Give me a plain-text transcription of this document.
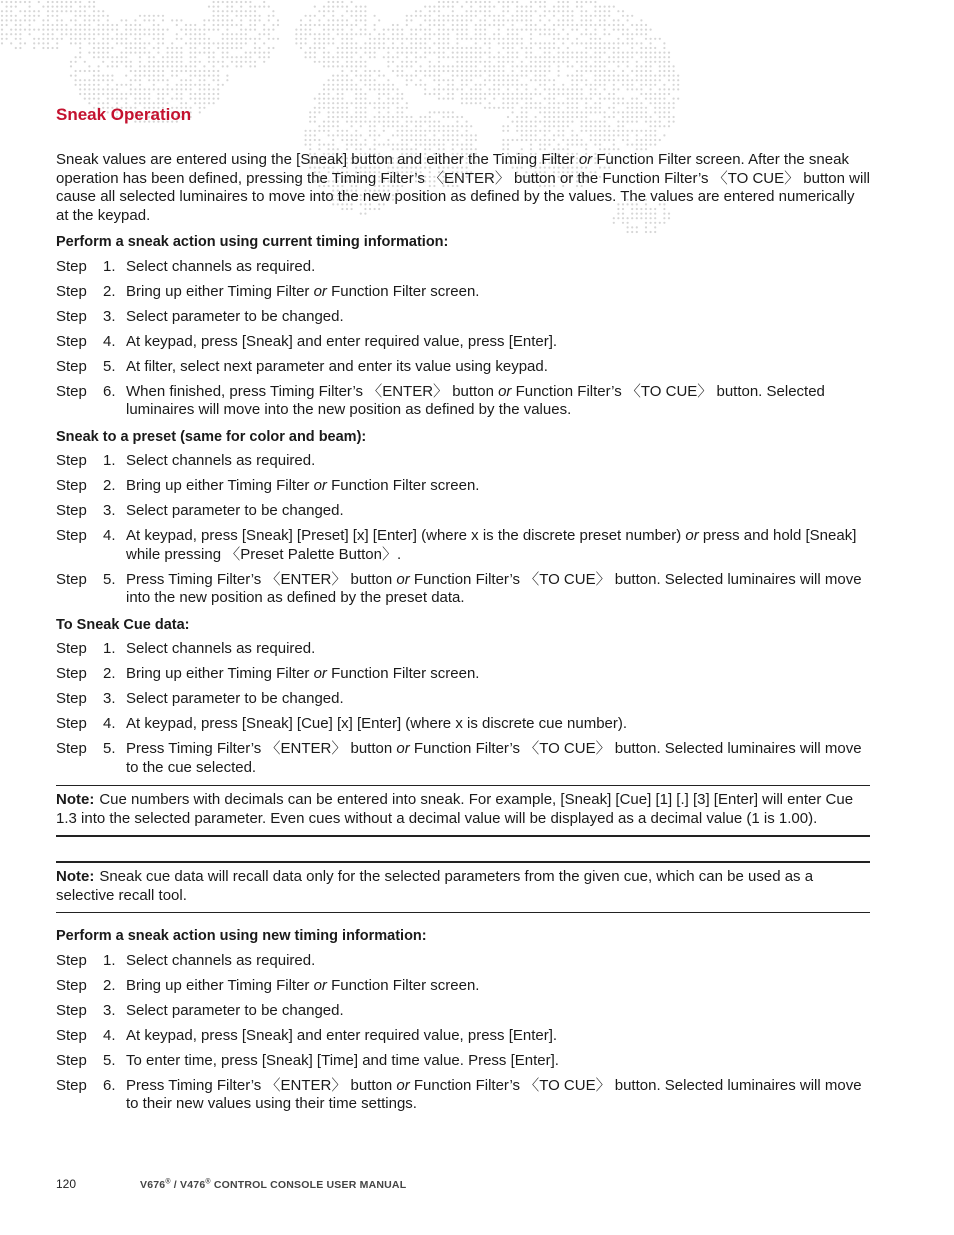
Sneak Operation

Sneak values are entered using the [Sneak] button and either the Timing Filter or Function Filter screen. After the sneak operation has been defined, pressing the Timing Filter’s 〈ENTER〉 button or the Function Filter’s 〈TO CUE〉 button will cause all selected luminaires to move into the new position as defined by the values. The values are entered numerically at the keypad.

Perform a sneak action using current timing information:
Step	1. Select channels as required.
Step	2. Bring up either Timing Filter or Function Filter screen.
Step	3. Select parameter to be changed.
Step	4. At keypad, press [Sneak] and enter required value, press [Enter].
Step	5. At filter, select next parameter and enter its value using keypad.
Step	6. When finished, press Timing Filter’s 〈ENTER〉 button or Function Filter’s 〈TO CUE〉 button. Selected luminaires will move into the new position as defined by the values.
Sneak to a preset (same for color and beam):
Step	1. Select channels as required.
Step	2. Bring up either Timing Filter or Function Filter screen.
Step	3. Select parameter to be changed.
Step	4. At keypad, press [Sneak] [Preset] [x] [Enter] (where x is the discrete preset number) or press and hold [Sneak] while pressing 〈Preset Palette Button〉.
Step	5. Press Timing Filter’s 〈ENTER〉 button or Function Filter’s 〈TO CUE〉 button. Selected luminaires will move into the new position as defined by the preset data.
To Sneak Cue data:
Step	1. Select channels as required.
Step	2. Bring up either Timing Filter or Function Filter screen.
Step	3. Select parameter to be changed.
Step	4. At keypad, press [Sneak] [Cue] [x] [Enter] (where x is discrete cue number).
Step	5. Press Timing Filter’s 〈ENTER〉 button or Function Filter’s 〈TO CUE〉 button. Selected luminaires will move to the cue selected.
Note: Cue numbers with decimals can be entered into sneak. For example, [Sneak] [Cue] [1] [.] [3] [Enter] will enter Cue 1.3 into the selected parameter. Even cues without a decimal value will be displayed as a decimal value (1 is 1.00).
Note: Sneak cue data will recall data only for the selected parameters from the given cue, which can be used as a selective recall tool.
Perform a sneak action using new timing information:
Step	1. Select channels as required.
Step	2. Bring up either Timing Filter or Function Filter screen.
Step	3. Select parameter to be changed.
Step	4. At keypad, press [Sneak] and enter required value, press [Enter].
Step	5. To enter time, press [Sneak] [Time] and time value. Press [Enter].
Step	6. Press Timing Filter’s 〈ENTER〉 button or Function Filter’s 〈TO CUE〉 button. Selected luminaires will move to their new values using their time settings.
120	V676® / V476® CONTROL CONSOLE USER MANUAL
